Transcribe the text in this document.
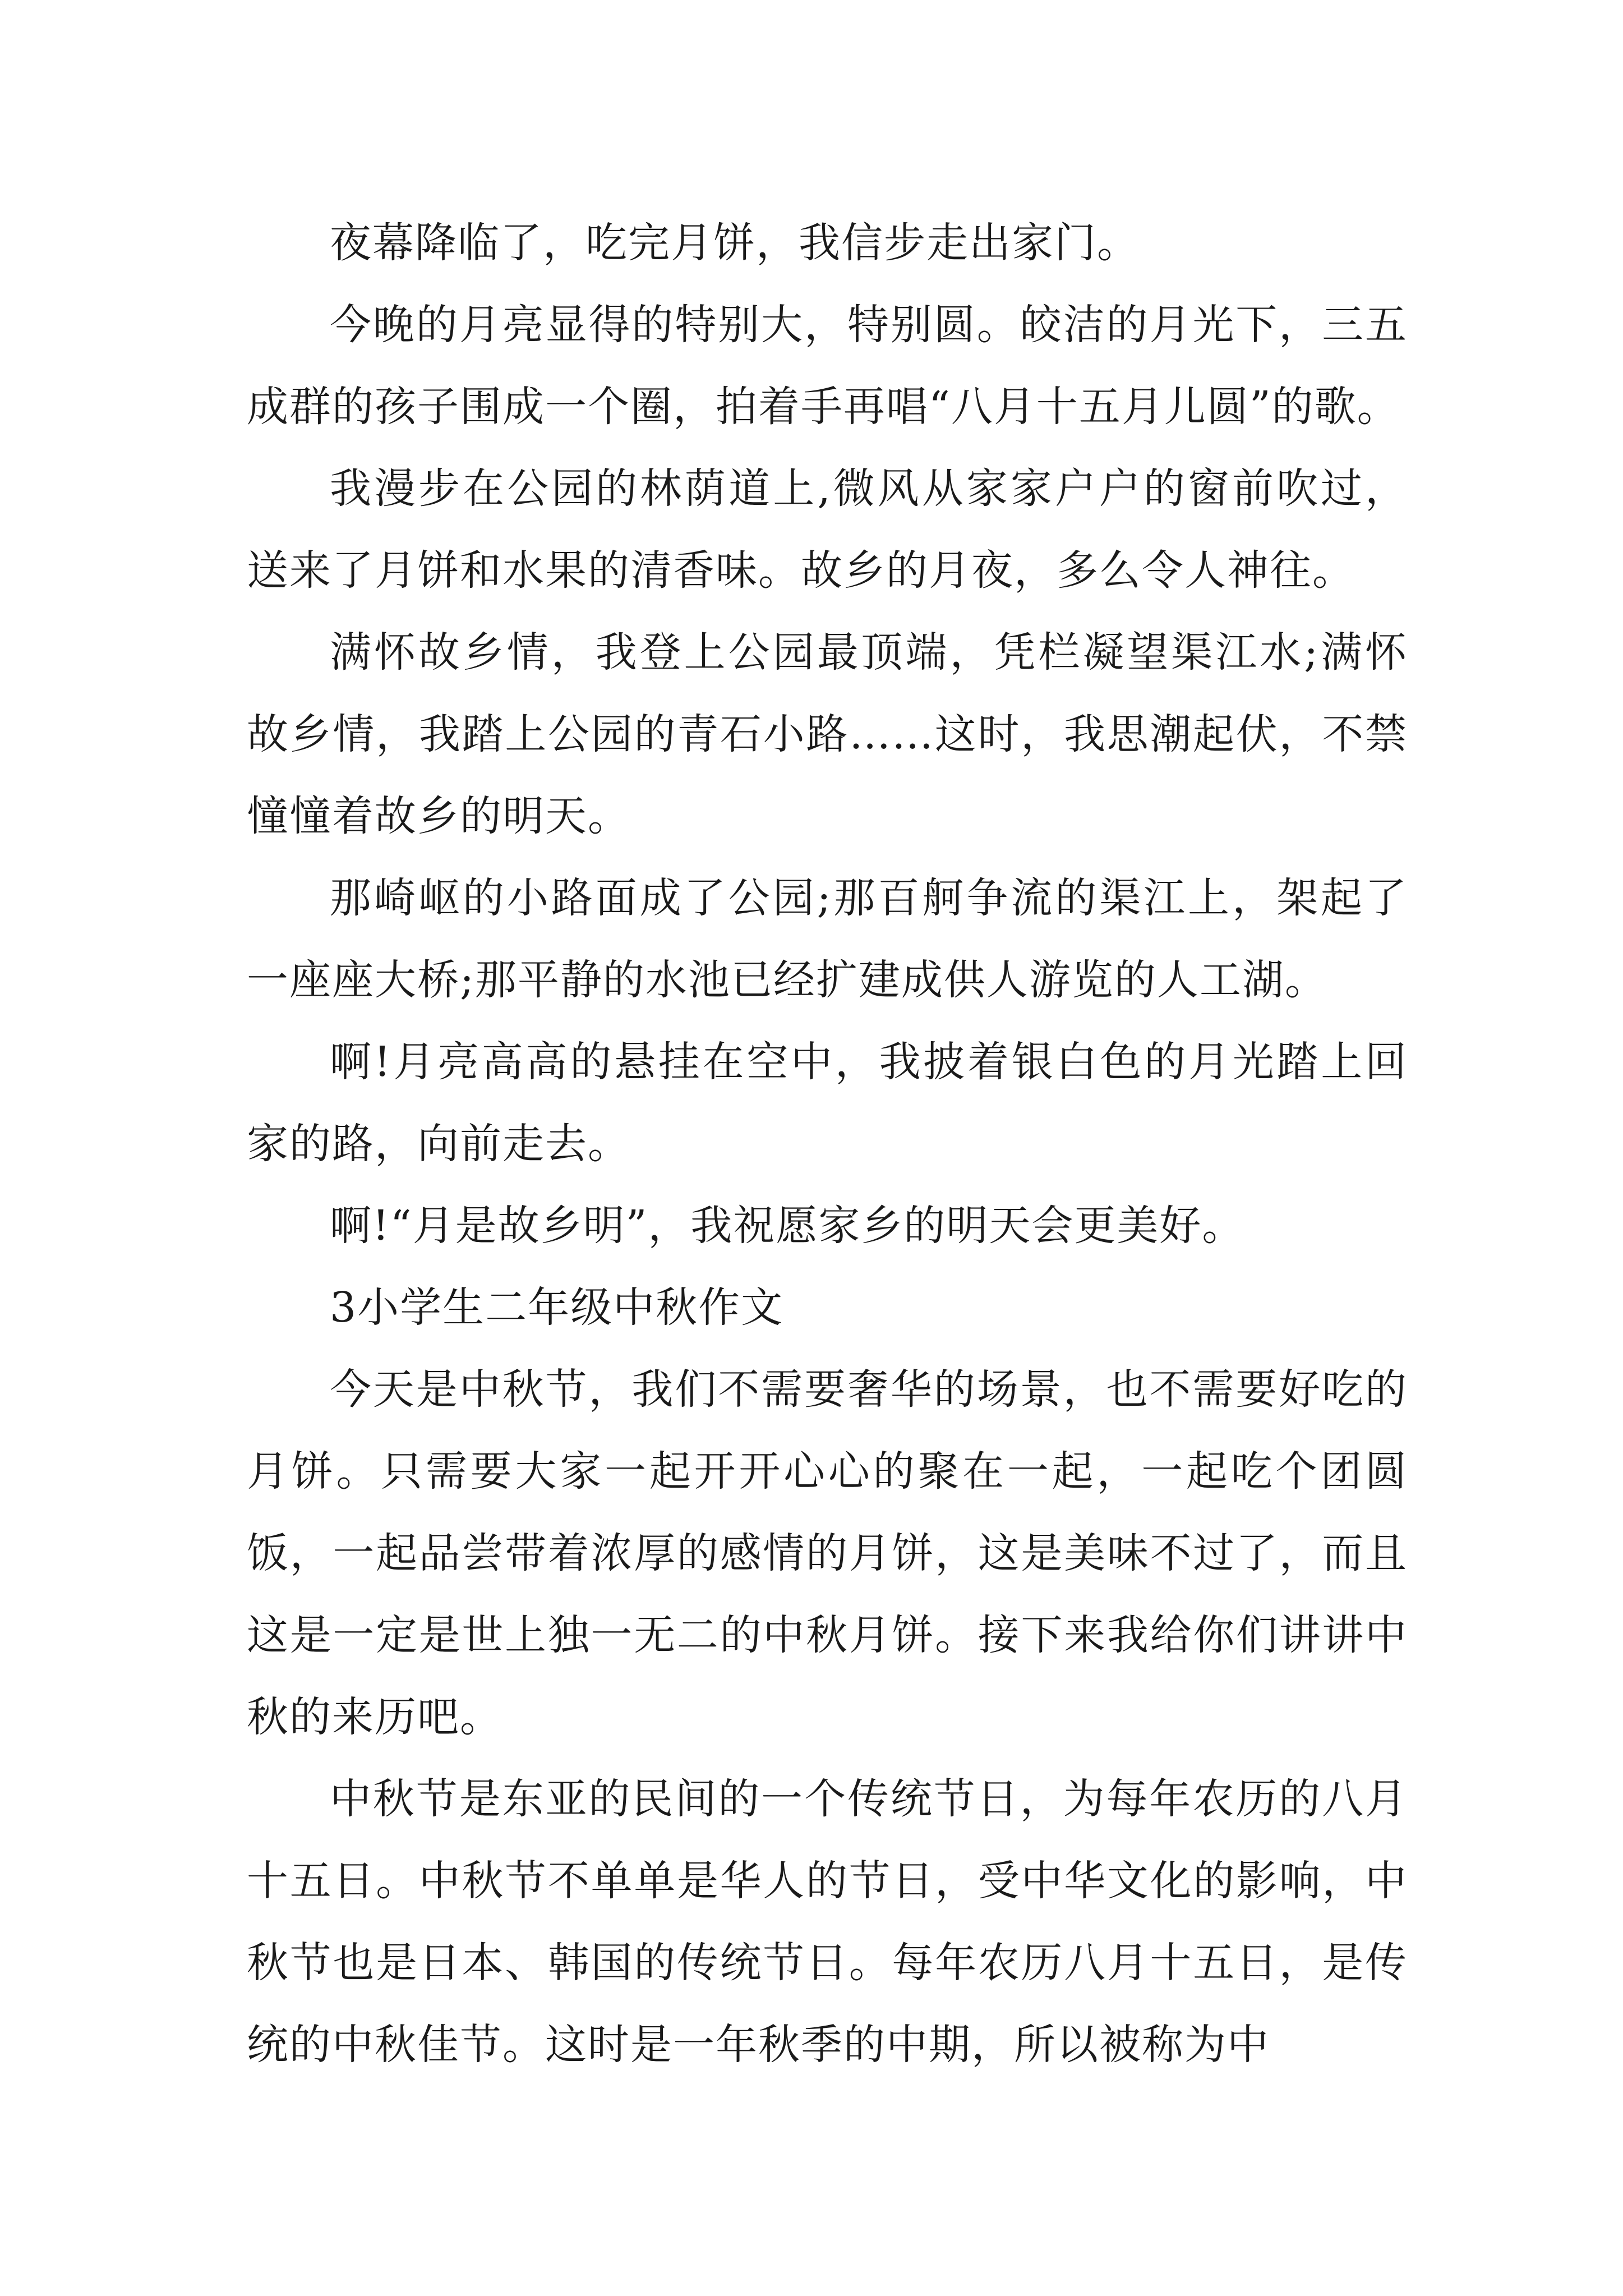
夜幕降临了，吃完月饼，我信步走出家门。

今晚的月亮显得的特别大，特别圆。皎洁的月光下，三五成群的孩子围成一个圈，拍着手再唱“八月十五月儿圆”的歌。

我漫步在公园的林荫道上,微风从家家户户的窗前吹过，送来了月饼和水果的清香味。故乡的月夜，多么令人神往。

满怀故乡情，我登上公园最顶端，凭栏凝望渠江水;满怀故乡情，我踏上公园的青石小路……这时，我思潮起伏，不禁憧憧着故乡的明天。

那崎岖的小路面成了公园;那百舸争流的渠江上，架起了一座座大桥;那平静的水池已经扩建成供人游览的人工湖。

啊!月亮高高的悬挂在空中，我披着银白色的月光踏上回家的路，向前走去。

啊!“月是故乡明”，我祝愿家乡的明天会更美好。

3小学生二年级中秋作文

今天是中秋节，我们不需要奢华的场景，也不需要好吃的月饼。只需要大家一起开开心心的聚在一起，一起吃个团圆饭，一起品尝带着浓厚的感情的月饼，这是美味不过了，而且这是一定是世上独一无二的中秋月饼。接下来我给你们讲讲中秋的来历吧。

中秋节是东亚的民间的一个传统节日，为每年农历的八月十五日。中秋节不单单是华人的节日，受中华文化的影响，中秋节也是日本、韩国的传统节日。每年农历八月十五日，是传统的中秋佳节。这时是一年秋季的中期，所以被称为中
